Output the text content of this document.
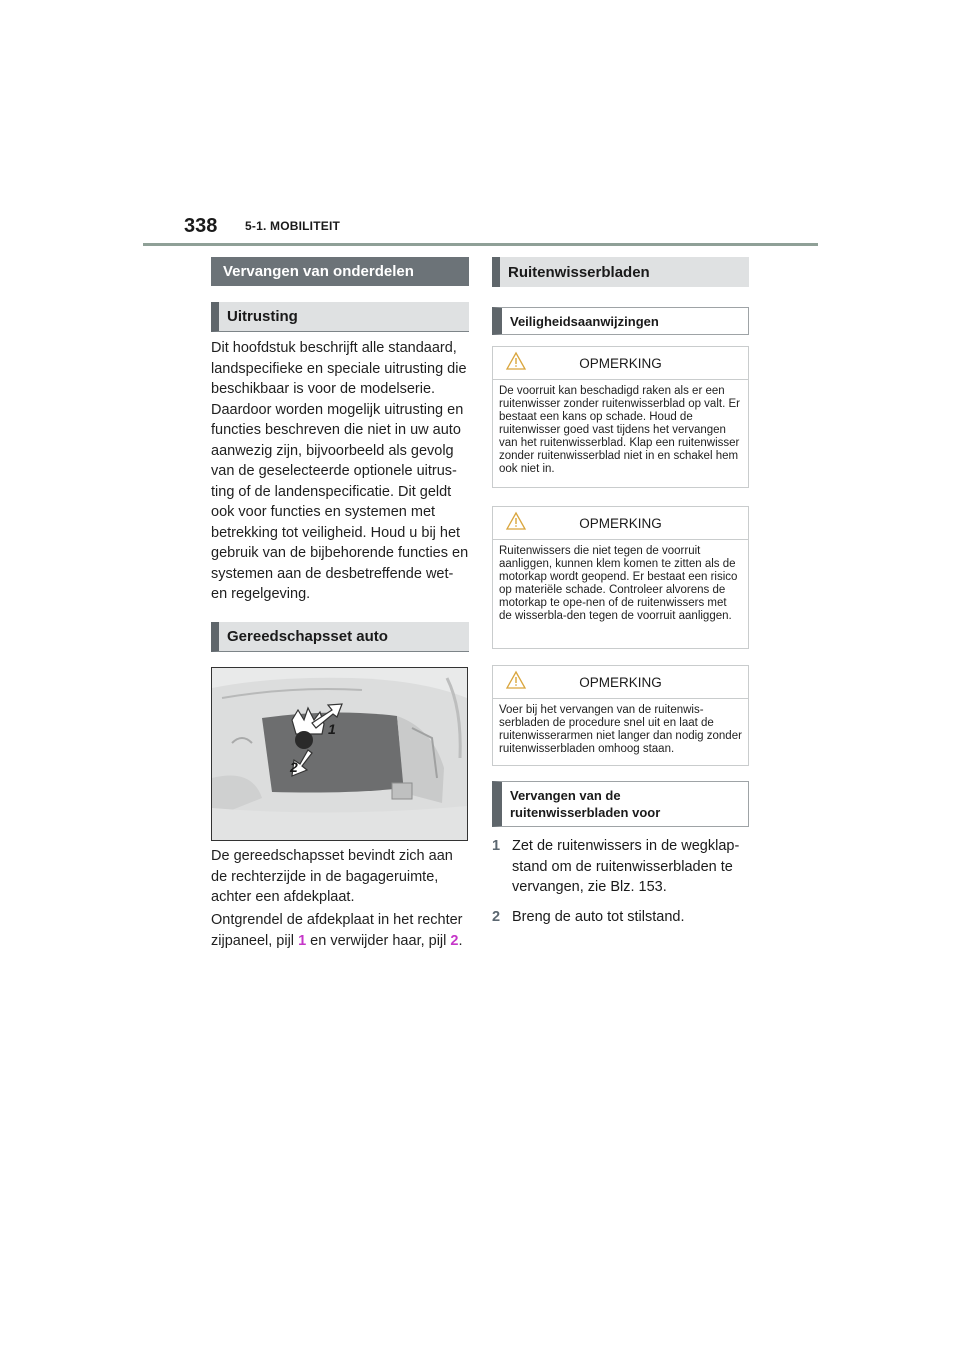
338 5-1. MOBILITEIT
Vervangen van onderdelen
Uitrusting
Dit hoofdstuk beschrijft alle standaard, landspecifieke en speciale uitrusting die beschikbaar is voor de modelserie. Daardoor worden mogelijk uitrusting en functies beschreven die niet in uw auto aanwezig zijn, bijvoorbeeld als gevolg van de geselecteerde optionele uitrus-ting of de landenspecificatie. Dit geldt ook voor functies en systemen met betrekking tot veiligheid. Houd u bij het gebruik van de bijbehorende functies en systemen aan de desbetreffende wet- en regelgeving.
Gereedschapsset auto
1
2
De gereedschapsset bevindt zich aan de rechterzijde in de bagageruimte, achter een afdekplaat.
Ontgrendel de afdekplaat in het rechter zijpaneel, pijl 1 en verwijder haar, pijl 2.
Ruitenwisserbladen
Veiligheidsaanwijzingen
OPMERKING
De voorruit kan beschadigd raken als er een ruitenwisser zonder ruitenwisserblad op valt. Er bestaat een kans op schade. Houd de ruitenwisser goed vast tijdens het vervangen van het ruitenwisserblad. Klap een ruitenwisser zonder ruitenwisserblad niet in en schakel hem ook niet in.
OPMERKING
Ruitenwissers die niet tegen de voorruit aanliggen, kunnen klem komen te zitten als de motorkap wordt geopend. Er bestaat een risico op materiële schade. Controleer alvorens de motorkap te ope-nen of de ruitenwissers met de wisserbla-den tegen de voorruit aanliggen.
OPMERKING
Voer bij het vervangen van de ruitenwis-serbladen de procedure snel uit en laat de ruitenwisserarmen niet langer dan nodig zonder ruitenwisserbladen omhoog staan.
Vervangen van de
ruitenwisserbladen voor
1 Zet de ruitenwissers in de wegklap-stand om de ruitenwisserbladen te vervangen, zie Blz. 153.
2 Breng de auto tot stilstand.
